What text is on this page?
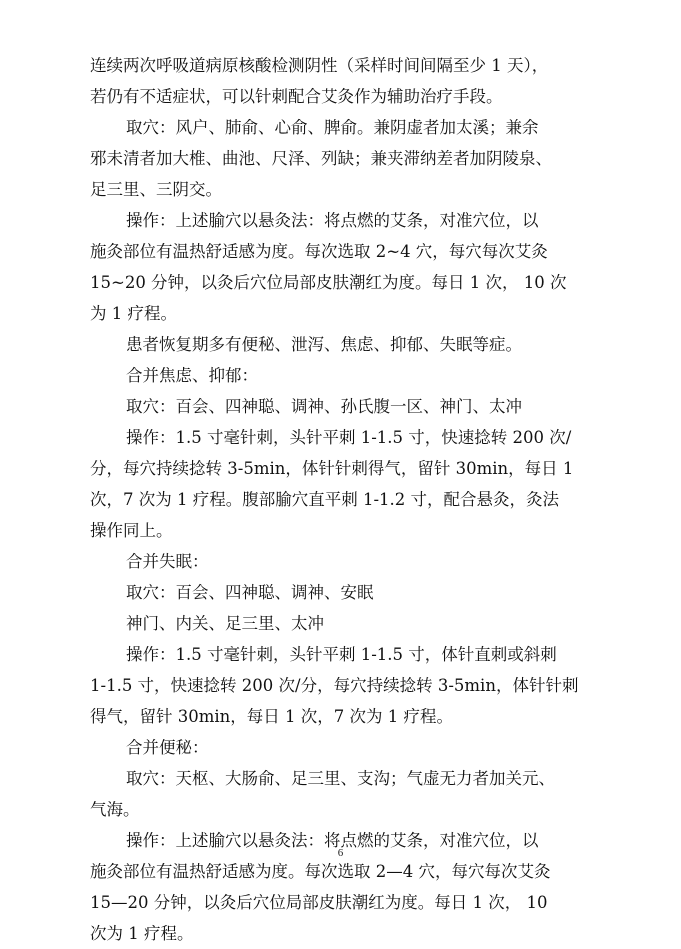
连续两次呼吸道病原核酸检测阴性（采样时间间隔至少 1 天），
若仍有不适症状，可以针刺配合艾灸作为辅助治疗手段。
取穴：风户、肺俞、心俞、脾俞。兼阴虚者加太溪；兼余
邪未清者加大椎、曲池、尺泽、列缺；兼夹滞纳差者加阴陵泉、
足三里、三阴交。
操作：上述腧穴以悬灸法：将点燃的艾条，对准穴位，以
施灸部位有温热舒适感为度。每次选取 2~4 穴，每穴每次艾灸
15~20 分钟，以灸后穴位局部皮肤潮红为度。每日 1 次， 10 次
为 1 疗程。
患者恢复期多有便秘、泄泻、焦虑、抑郁、失眠等症。
合并焦虑、抑郁：
取穴：百会、四神聪、调神、孙氏腹一区、神门、太冲
操作：1.5 寸毫针刺，头针平刺 1-1.5 寸，快速捻转 200 次/
分，每穴持续捻转 3-5min，体针针刺得气，留针 30min，每日 1
次，7 次为 1 疗程。腹部腧穴直平刺 1-1.2 寸，配合悬灸，灸法
操作同上。
合并失眠：
取穴：百会、四神聪、调神、安眠
神门、内关、足三里、太冲
操作：1.5 寸毫针刺，头针平刺 1-1.5 寸，体针直刺或斜刺
1-1.5 寸，快速捻转 200 次/分，每穴持续捻转 3-5min，体针针刺
得气，留针 30min，每日 1 次，7 次为 1 疗程。
合并便秘：
取穴：天枢、大肠俞、足三里、支沟；气虚无力者加关元、
气海。
操作：上述腧穴以悬灸法：将点燃的艾条，对准穴位，以
施灸部位有温热舒适感为度。每次选取 2—4 穴，每穴每次艾灸
15—20 分钟，以灸后穴位局部皮肤潮红为度。每日 1 次， 10
次为 1 疗程。
6
